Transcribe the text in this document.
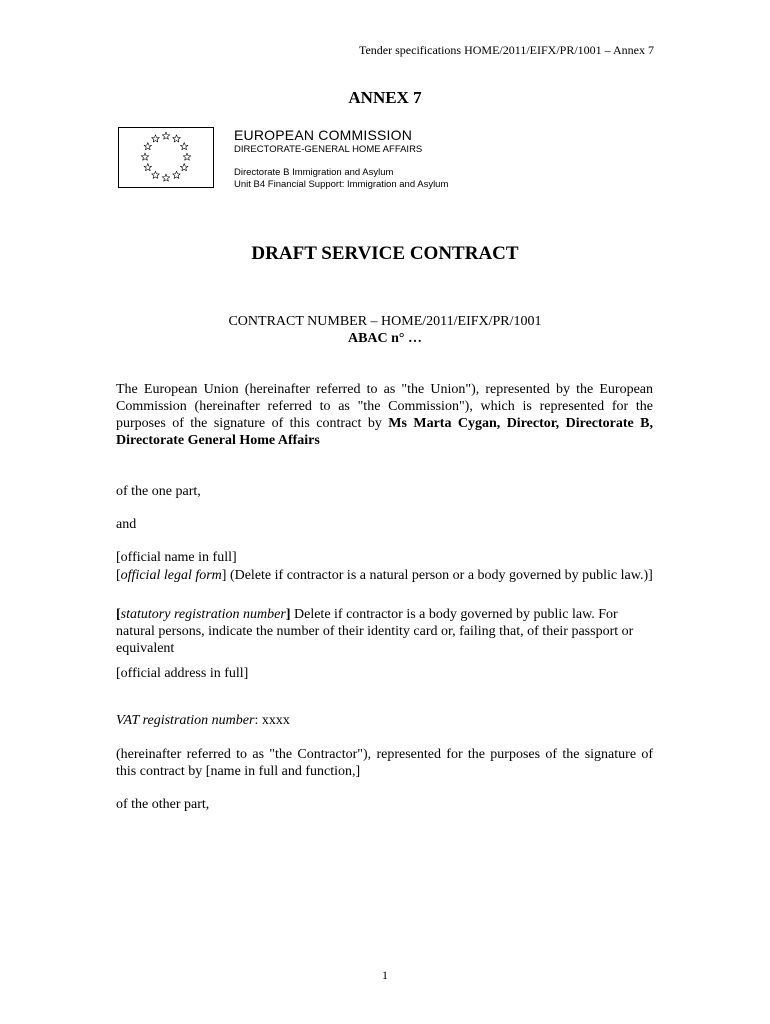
Tender specifications HOME/2011/EIFX/PR/1001 – Annex 7
ANNEX 7
EUROPEAN COMMISSION
DIRECTORATE-GENERAL HOME AFFAIRS
Directorate B Immigration and Asylum
Unit B4 Financial Support: Immigration and Asylum
DRAFT SERVICE CONTRACT
CONTRACT NUMBER – HOME/2011/EIFX/PR/1001
ABAC n° …
The European Union (hereinafter referred to as "the Union"), represented by the European Commission (hereinafter referred to as "the Commission"), which is represented for the purposes of the signature of this contract by Ms Marta Cygan, Director, Directorate B, Directorate General Home Affairs
of the one part,
and
[official name in full]
[official legal form] (Delete if contractor is a natural person or a body governed by public law.)]
[statutory registration number] Delete if contractor is a body governed by public law. For natural persons, indicate the number of their identity card or, failing that, of their passport or equivalent
[official address in full]
VAT registration number: xxxx
(hereinafter referred to as "the Contractor"), represented for the purposes of the signature of this contract by [name in full and function,]
of the other part,
1
